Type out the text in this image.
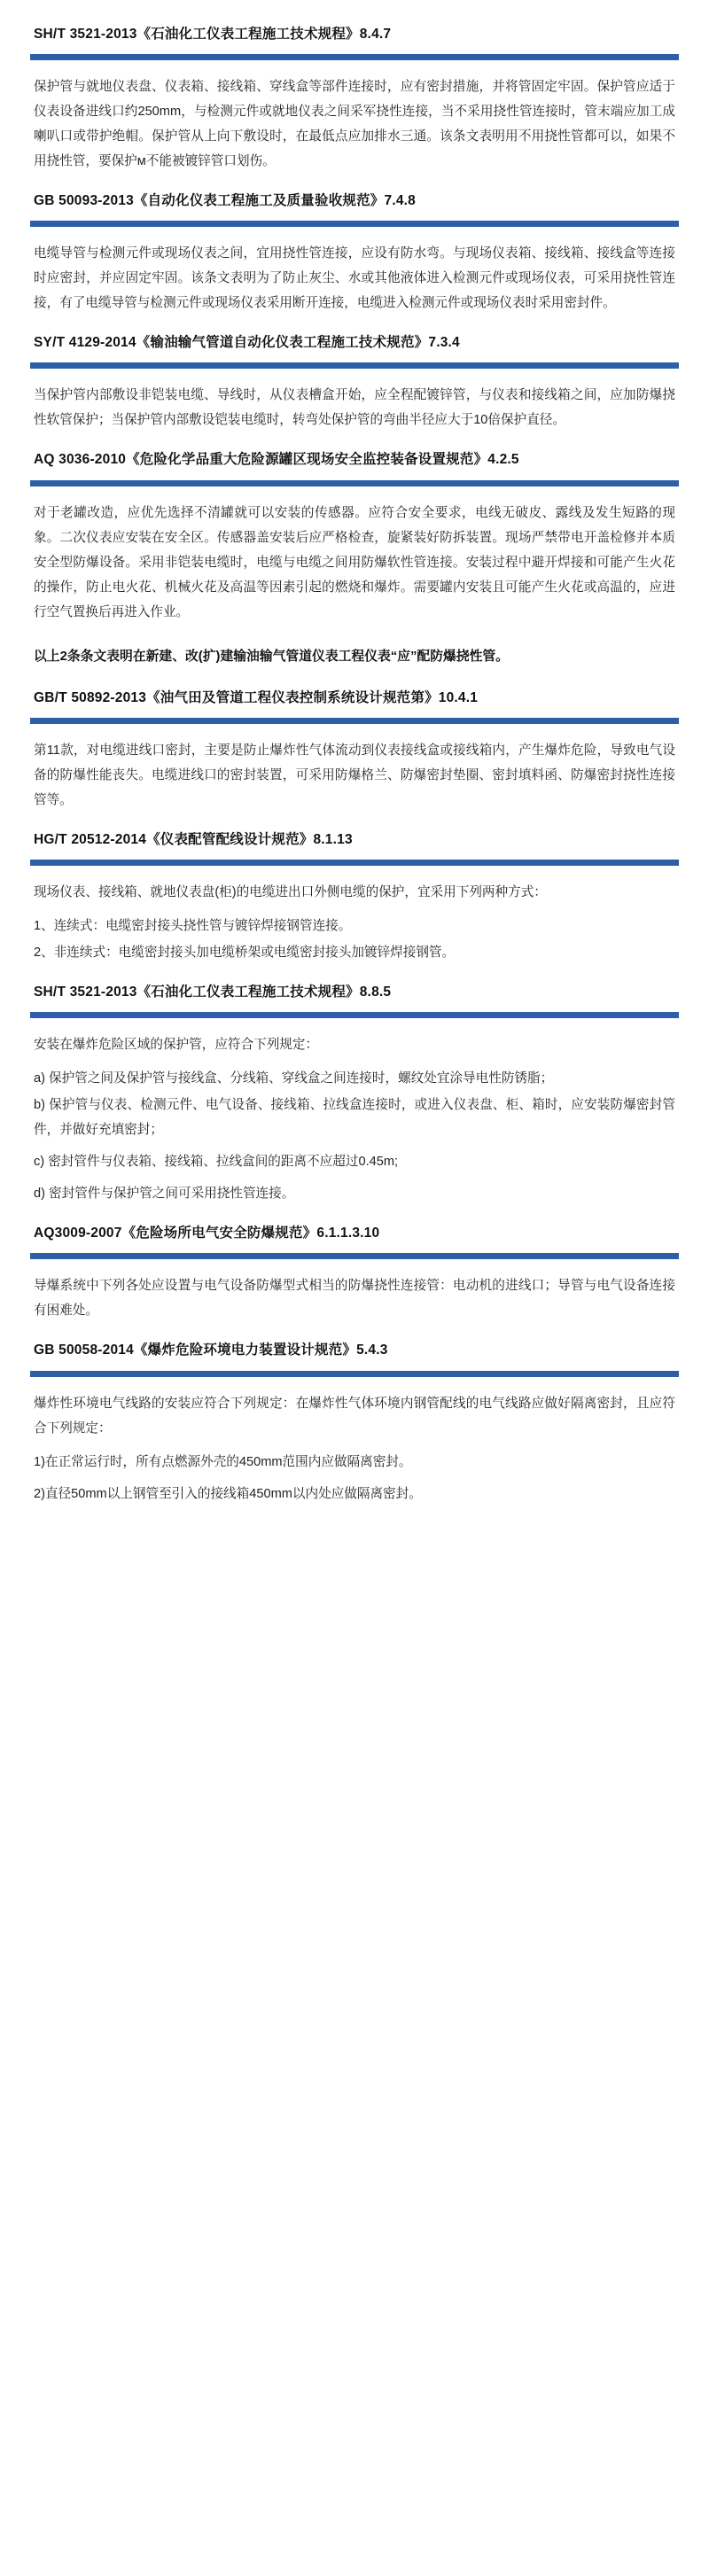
SH/T 3521-2013《石油化工仪表工程施工技术规程》8.4.7
保护管与就地仪表盘、仪表箱、接线箱、穿线盒等部件连接时，应有密封措施，并将管固定牢固。保护管应适于仪表设备进线口约250mm，与检测元件或就地仪表之间采军挠性连接，当不采用挠性管连接时，管末端应加工成喇叭口或带护绝帽。保护管从上向下敷设时，在最低点应加排水三通。该条文表明用不用挠性管都可以，如果不用挠性管，要保护м不能被镀锌管口划伤。
GB 50093-2013《自动化仪表工程施工及质量验收规范》7.4.8
电缆导管与检测元件或现场仪表之间，宜用挠性管连接，应设有防水弯。与现场仪表箱、接线箱、接线盒等连接时应密封，并应固定牢固。该条文表明为了防止灰尘、水或其他液体进入检测元件或现场仪表，可采用挠性管连接，有了电缆导管与检测元件或现场仪表采用断开连接，电缆进入检测元件或现场仪表时采用密封件。
SY/T 4129-2014《输油输气管道自动化仪表工程施工技术规范》7.3.4
当保护管内部敷设非铠装电缆、导线时，从仪表槽盒开始，应全程配镀锌管，与仪表和接线箱之间，应加防爆挠性软管保护；当保护管内部敷设铠装电缆时，转弯处保护管的弯曲半径应大于10倍保护直径。
AQ 3036-2010《危险化学品重大危险源罐区现场安全监控装备设置规范》4.2.5
对于老罐改造，应优先选择不清罐就可以安装的传感器。应符合安全要求，电线无破皮、露线及发生短路的现象。二次仪表应安装在安全区。传感器盖安装后应严格检查，旋紧装好防拆装置。现场严禁带电开盖检修并本质安全型防爆设备。采用非铠装电缆时，电缆与电缆之间用防爆软性管连接。安装过程中避开焊接和可能产生火花的操作，防止电火花、机械火花及高温等因素引起的燃烧和爆炸。需要罐内安装且可能产生火花或高温的，应进行空气置换后再进入作业。
以上2条条文表明在新建、改(扩)建输油输气管道仪表工程仪表“应”配防爆挠性管。
GB/T 50892-2013《油气田及管道工程仪表控制系统设计规范第》10.4.1
第11款，对电缆进线口密封，主要是防止爆炸性气体流动到仪表接线盒或接线箱内，产生爆炸危险，导致电气设备的防爆性能丧失。电缆进线口的密封装置，可采用防爆格兰、防爆密封垫圈、密封填料函、防爆密封挠性连接管等。
HG/T 20512-2014《仪表配管配线设计规范》8.1.13
现场仪表、接线箱、就地仪表盘(柜)的电缆进出口外侧电缆的保护，宜采用下列两种方式：
1、连续式：电缆密封接头挠性管与镀锌焊接钢管连接。
2、非连续式：电缆密封接头加电缆桥架或电缆密封接头加镀锌焊接钢管。
SH/T 3521-2013《石油化工仪表工程施工技术规程》8.8.5
安装在爆炸危险区域的保护管，应符合下列规定：
a) 保护管之间及保护管与接线盒、分线箱、穿线盒之间连接时，螺纹处宜涂导电性防锈脂；
b) 保护管与仪表、检测元件、电气设备、接线箱、拉线盒连接时，或进入仪表盘、柜、箱时，应安装防爆密封管件，并做好充填密封；
c) 密封管件与仪表箱、接线箱、拉线盒间的距离不应超过0.45m;
d) 密封管件与保护管之间可采用挠性管连接。
AQ3009-2007《危险场所电气安全防爆规范》6.1.1.3.10
导爆系统中下列各处应设置与电气设备防爆型式相当的防爆挠性连接管：电动机的进线口；导管与电气设备连接有困难处。
GB 50058-2014《爆炸危险环境电力装置设计规范》5.4.3
爆炸性环境电气线路的安装应符合下列规定：在爆炸性气体环境内钢管配线的电气线路应做好隔离密封，且应符合下列规定：
1)在正常运行时，所有点燃源外壳的450mm范围内应做隔离密封。
2)直径50mm以上钢管至引入的接线箱450mm以内处应做隔离密封。
